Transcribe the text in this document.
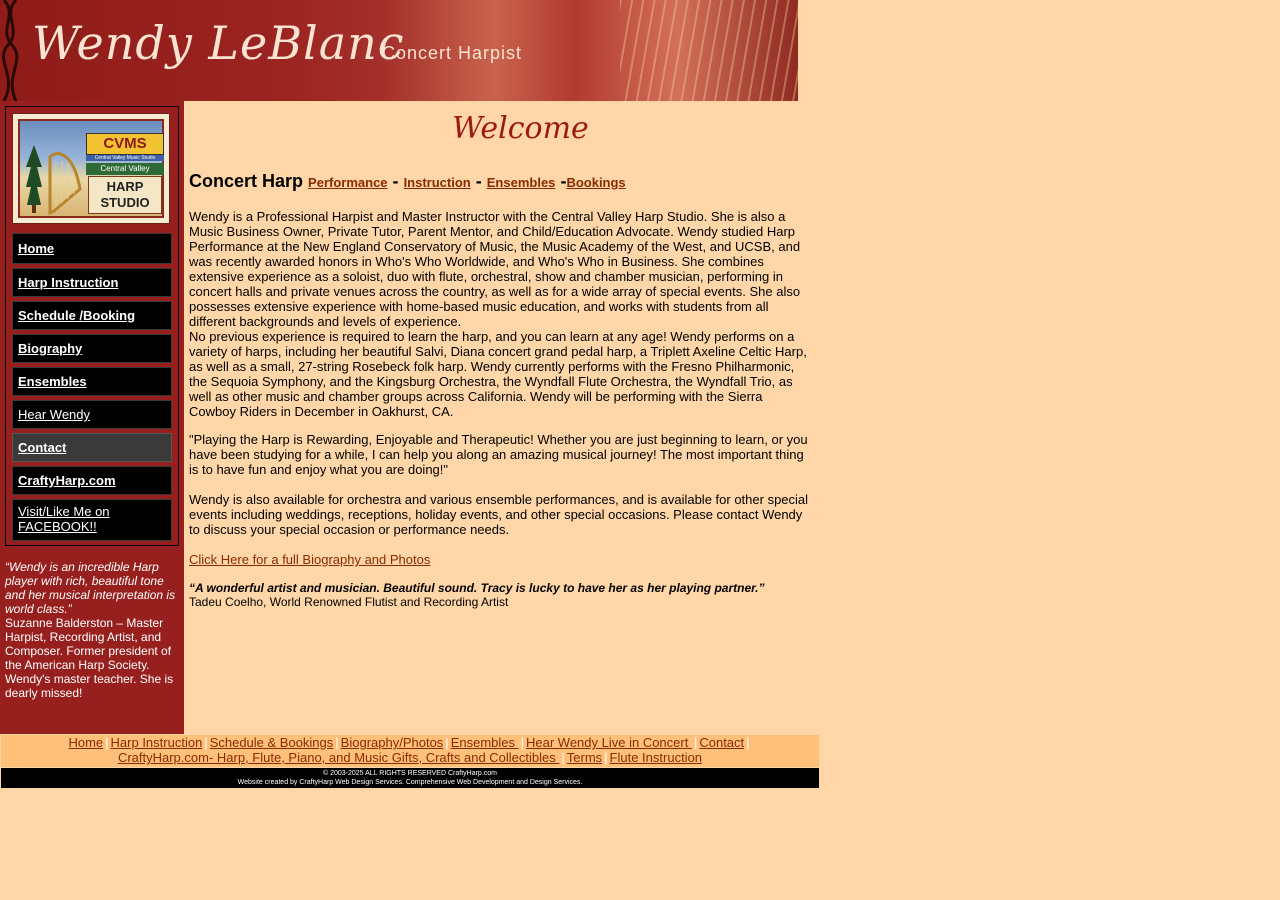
Wendy LeBlanc
Concert Harpist
CVMS
Central Valley Music Studio
Central Valley
HARP
STUDIO
Home
Harp Instruction
Schedule /Booking
Biography
Ensembles
Hear Wendy
Contact
CraftyHarp.com
Visit/Like Me on FACEBOOK!!
“Wendy is an incredible Harp player with rich, beautiful tone and her musical interpretation is world class.”
Suzanne Balderston – Master Harpist, Recording Artist, and Composer. Former president of the American Harp Society. Wendy's master teacher. She is dearly missed!
Welcome
Concert Harp Performance - Instruction - Ensembles -Bookings
Wendy is a Professional Harpist and Master Instructor with the Central Valley Harp Studio. She is also a Music Business Owner, Private Tutor, Parent Mentor, and Child/Education Advocate. Wendy studied Harp Performance at the New England Conservatory of Music, the Music Academy of the West, and UCSB, and was recently awarded honors in Who's Who Worldwide, and Who's Who in Business. She combines extensive experience as a soloist, duo with flute, orchestral, show and chamber musician, performing in concert halls and private venues across the country, as well as for a wide array of special events. She also possesses extensive experience with home-based music education, and works with students from all different backgrounds and levels of experience.
No previous experience is required to learn the harp, and you can learn at any age! Wendy performs on a variety of harps, including her beautiful Salvi, Diana concert grand pedal harp, a Triplett Axeline Celtic Harp, as well as a small, 27-string Rosebeck folk harp. Wendy currently performs with the Fresno Philharmonic, the Sequoia Symphony, and the Kingsburg Orchestra, the Wyndfall Flute Orchestra, the Wyndfall Trio, as well as other music and chamber groups across California. Wendy will be performing with the Sierra Cowboy Riders in December in Oakhurst, CA.
"Playing the Harp is Rewarding, Enjoyable and Therapeutic! Whether you are just beginning to learn, or you have been studying for a while, I can help you along an amazing musical journey! The most important thing is to have fun and enjoy what you are doing!"
Wendy is also available for orchestra and various ensemble performances, and is available for other special events including weddings, receptions, holiday events, and other special occasions. Please contact Wendy to discuss your special occasion or performance needs.
Click Here for a full Biography and Photos
“A wonderful artist and musician. Beautiful sound. Tracy is lucky to have her as her playing partner.”
Tadeu Coelho, World Renowned Flutist and Recording Artist
Home | Harp Instruction | Schedule & Bookings | Biography/Photos | Ensembles | Hear Wendy Live in Concert | Contact |
CraftyHarp.com- Harp, Flute, Piano, and Music Gifts, Crafts and Collectibles | Terms | Flute Instruction
© 2003-2025 ALL RIGHTS RESERVED CraftyHarp.com
Website created by CraftyHarp Web Design Services. Comprehensive Web Development and Design Services.
